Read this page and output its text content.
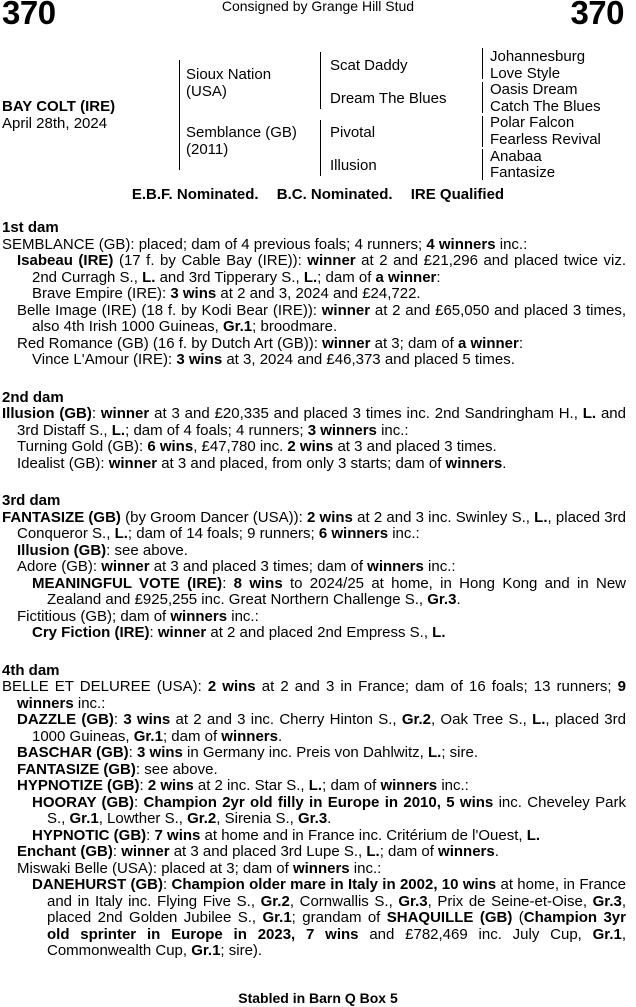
370	Consigned by Grange Hill Stud	370
BAY COLT (IRE)
April 28th, 2024
Sioux Nation (USA)
Semblance (GB) (2011)
Scat Daddy
Dream The Blues
Pivotal
Illusion
Johannesburg
Love Style
Oasis Dream
Catch The Blues
Polar Falcon
Fearless Revival
Anabaa
Fantasize
E.B.F. Nominated. B.C. Nominated. IRE Qualified
1st dam
SEMBLANCE (GB): placed; dam of 4 previous foals; 4 runners; 4 winners inc.:
Isabeau (IRE) (17 f. by Cable Bay (IRE)): winner at 2 and £21,296 and placed twice viz. 2nd Curragh S., L. and 3rd Tipperary S., L.; dam of a winner:
Brave Empire (IRE): 3 wins at 2 and 3, 2024 and £24,722.
Belle Image (IRE) (18 f. by Kodi Bear (IRE)): winner at 2 and £65,050 and placed 3 times, also 4th Irish 1000 Guineas, Gr.1; broodmare.
Red Romance (GB) (16 f. by Dutch Art (GB)): winner at 3; dam of a winner:
Vince L'Amour (IRE): 3 wins at 3, 2024 and £46,373 and placed 5 times.
2nd dam
Illusion (GB): winner at 3 and £20,335 and placed 3 times inc. 2nd Sandringham H., L. and 3rd Distaff S., L.; dam of 4 foals; 4 runners; 3 winners inc.:
Turning Gold (GB): 6 wins, £47,780 inc. 2 wins at 3 and placed 3 times.
Idealist (GB): winner at 3 and placed, from only 3 starts; dam of winners.
3rd dam
FANTASIZE (GB) (by Groom Dancer (USA)): 2 wins at 2 and 3 inc. Swinley S., L., placed 3rd Conqueror S., L.; dam of 14 foals; 9 runners; 6 winners inc.:
Illusion (GB): see above.
Adore (GB): winner at 3 and placed 3 times; dam of winners inc.:
MEANINGFUL VOTE (IRE): 8 wins to 2024/25 at home, in Hong Kong and in New Zealand and £925,255 inc. Great Northern Challenge S., Gr.3.
Fictitious (GB); dam of winners inc.:
Cry Fiction (IRE): winner at 2 and placed 2nd Empress S., L.
4th dam
BELLE ET DELUREE (USA): 2 wins at 2 and 3 in France; dam of 16 foals; 13 runners; 9 winners inc.:
DAZZLE (GB): 3 wins at 2 and 3 inc. Cherry Hinton S., Gr.2, Oak Tree S., L., placed 3rd 1000 Guineas, Gr.1; dam of winners.
BASCHAR (GB): 3 wins in Germany inc. Preis von Dahlwitz, L.; sire.
FANTASIZE (GB): see above.
HYPNOTIZE (GB): 2 wins at 2 inc. Star S., L.; dam of winners inc.:
HOORAY (GB): Champion 2yr old filly in Europe in 2010, 5 wins inc. Cheveley Park S., Gr.1, Lowther S., Gr.2, Sirenia S., Gr.3.
HYPNOTIC (GB): 7 wins at home and in France inc. Critérium de l'Ouest, L.
Enchant (GB): winner at 3 and placed 3rd Lupe S., L.; dam of winners.
Miswaki Belle (USA): placed at 3; dam of winners inc.:
DANEHURST (GB): Champion older mare in Italy in 2002, 10 wins at home, in France and in Italy inc. Flying Five S., Gr.2, Cornwallis S., Gr.3, Prix de Seine-et-Oise, Gr.3, placed 2nd Golden Jubilee S., Gr.1; grandam of SHAQUILLE (GB) (Champion 3yr old sprinter in Europe in 2023, 7 wins and £782,469 inc. July Cup, Gr.1, Commonwealth Cup, Gr.1; sire).
Stabled in Barn Q Box 5
